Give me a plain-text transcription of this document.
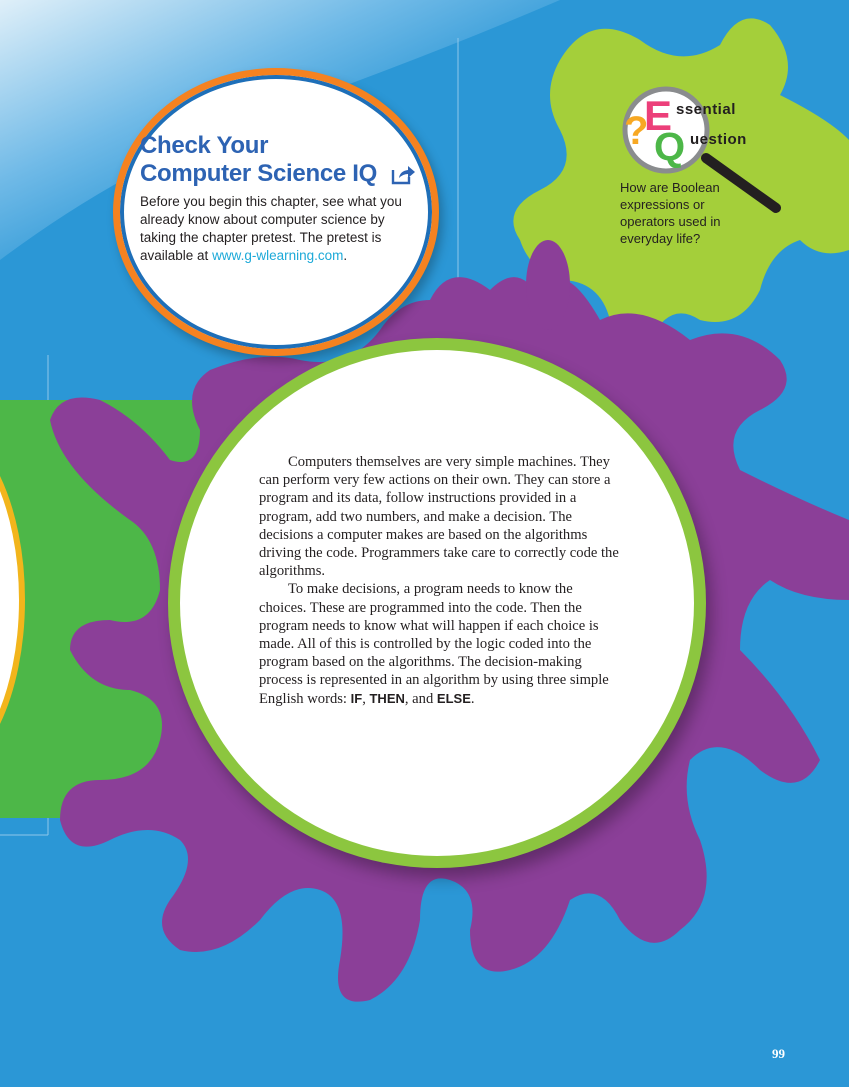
Check Your
Computer Science IQ
Before you begin this chapter, see what you already know about computer science by taking the chapter pretest. The pretest is available at www.g-wlearning.com.
?
E
Q
ssential
uestion
How are Boolean expressions or operators used in everyday life?

Computers themselves are very simple machines. They can perform very few actions on their own. They can store a program and its data, follow instructions provided in a program, add two numbers, and make a decision. The decisions a computer makes are based on the algorithms driving the code. Programmers take care to correctly code the algorithms.

To make decisions, a program needs to know the choices. These are programmed into the code. Then the program needs to know what will happen if each choice is made. All of this is controlled by the logic coded into the program based on the algorithms. The decision-making process is represented in an algorithm by using three simple English words: IF, THEN, and ELSE.

99
